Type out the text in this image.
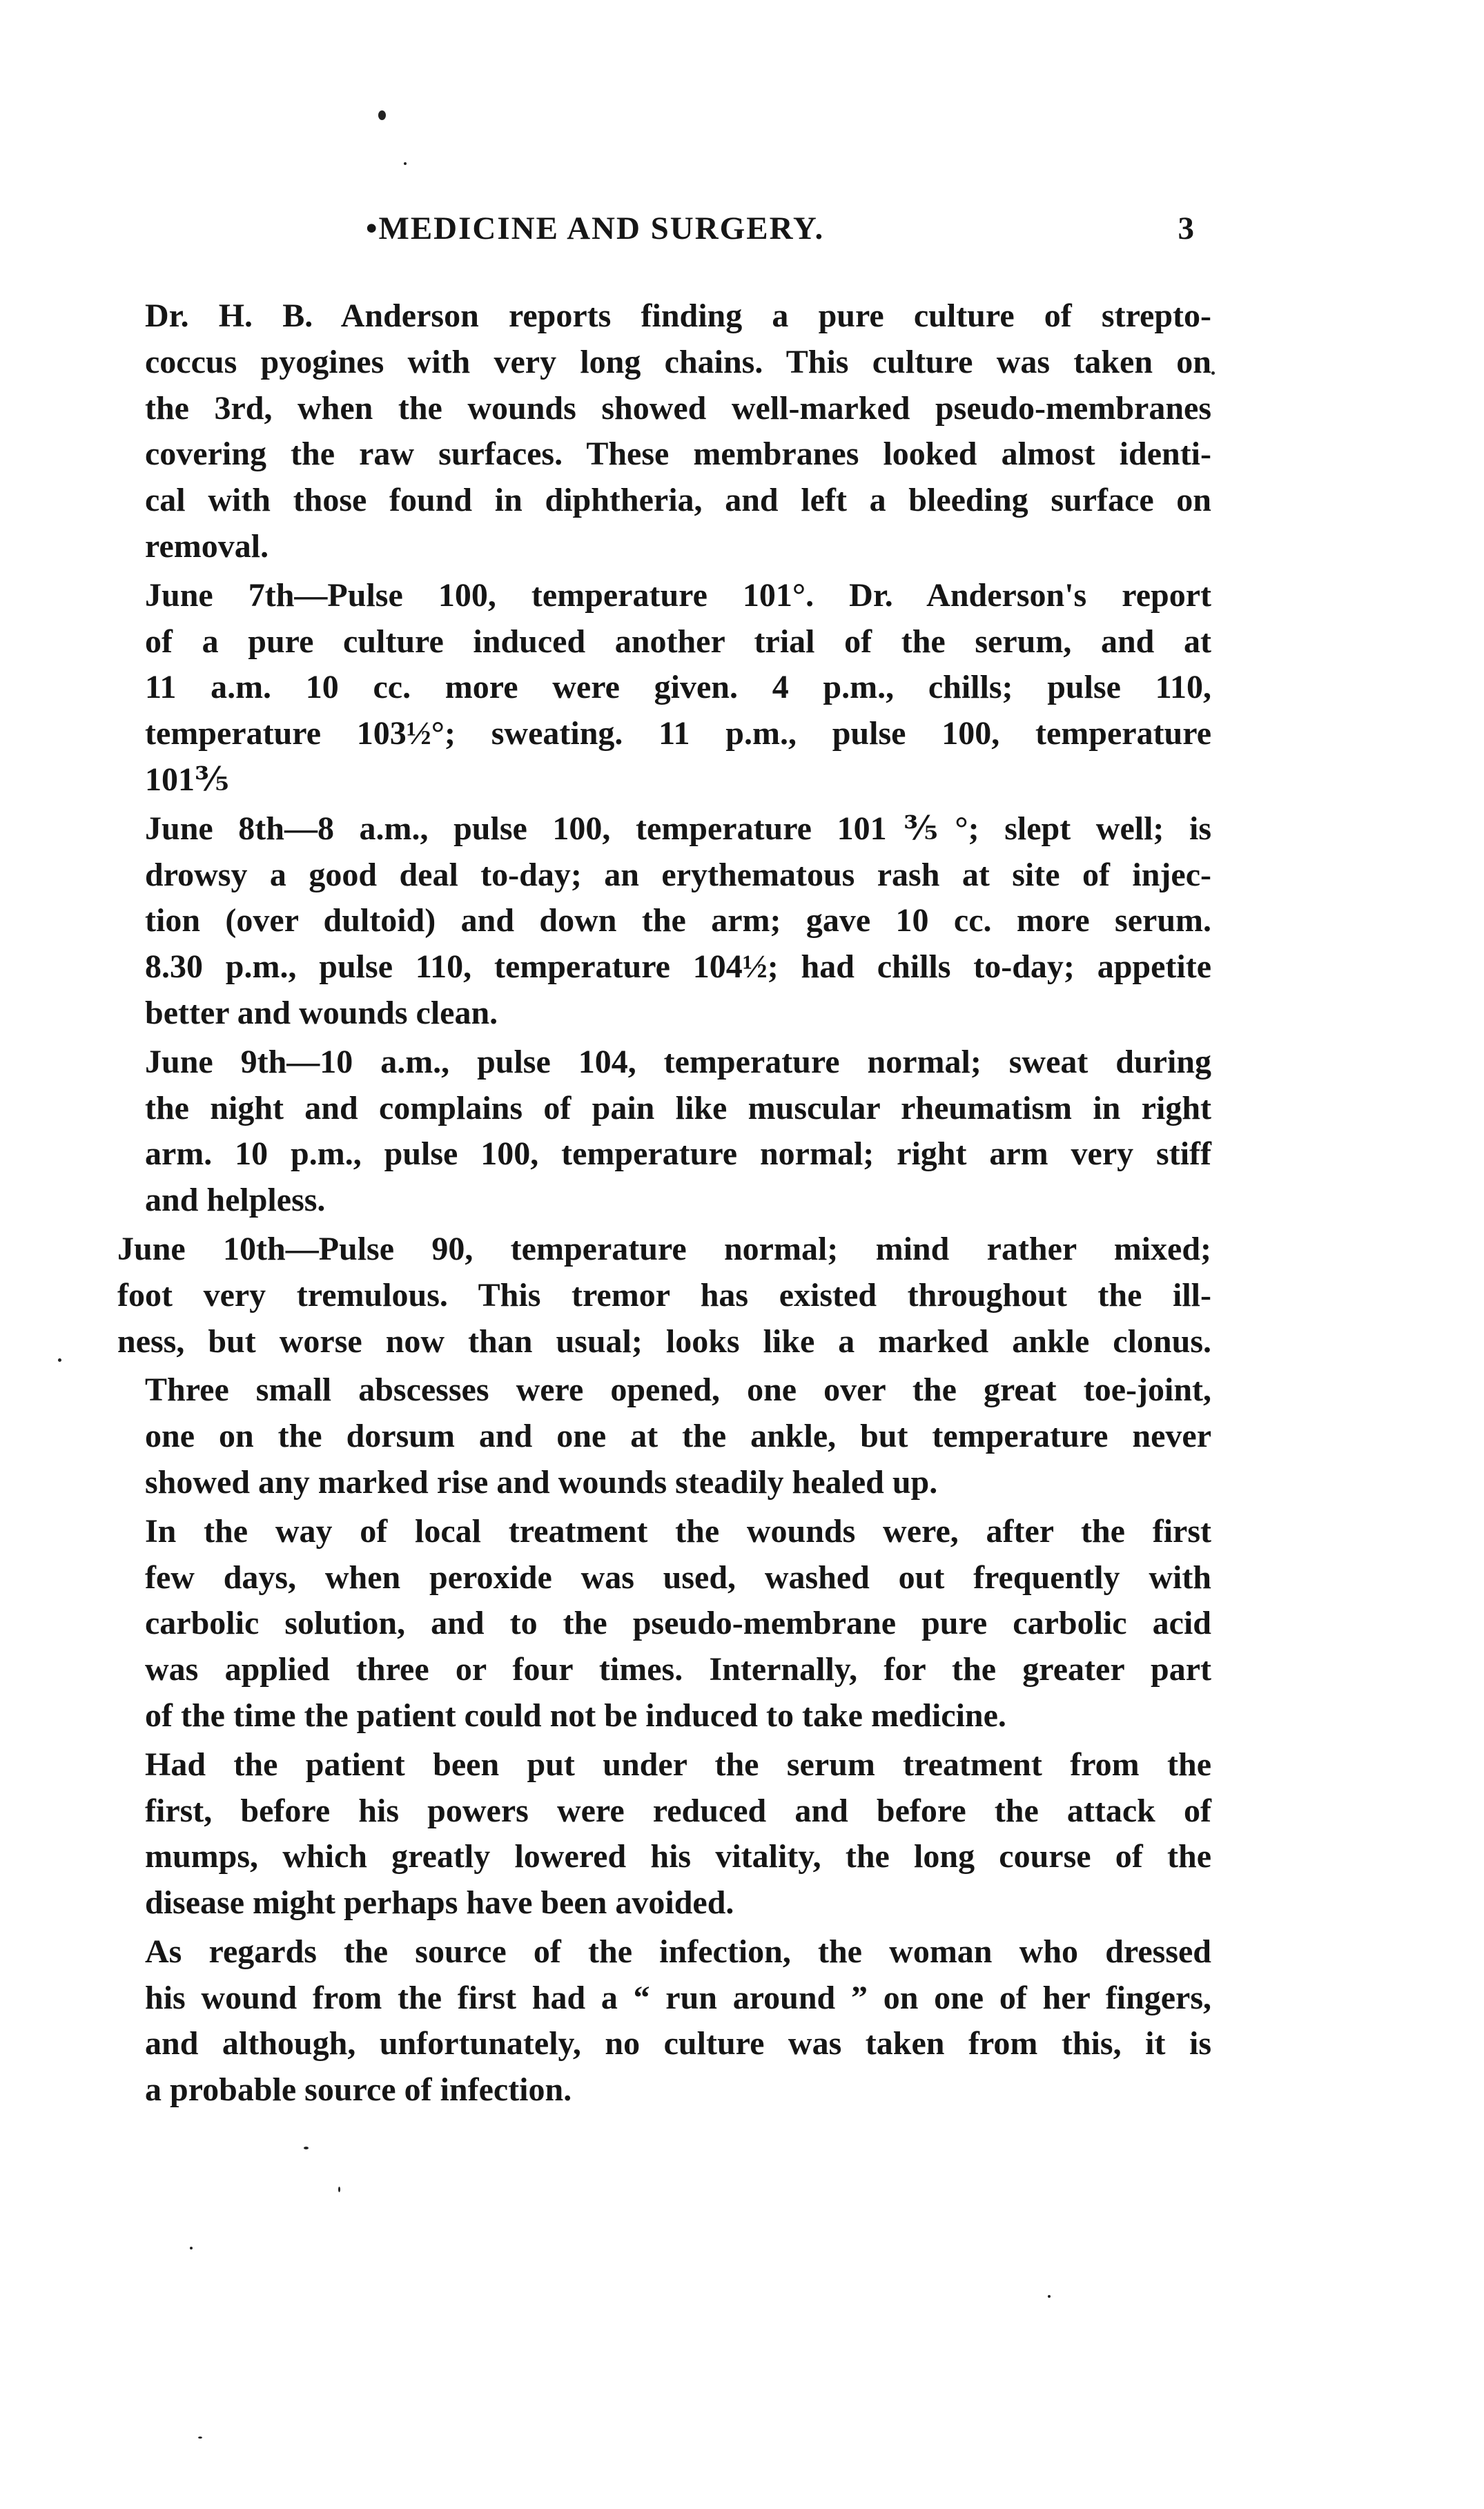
•MEDICINE AND SURGERY.	3

Dr. H. B. Anderson reports finding a pure culture of strepto-
coccus pyogines with very long chains. This culture was taken on
the 3rd, when the wounds showed well-marked pseudo-membranes
covering the raw surfaces. These membranes looked almost identi-
cal with those found in diphtheria, and left a bleeding surface on
removal.

June 7th—Pulse 100, temperature 101°. Dr. Anderson's report
of a pure culture induced another trial of the serum, and at
11 a.m. 10 cc. more were given. 4 p.m., chills; pulse 110,
temperature 103½°; sweating. 11 p.m., pulse 100, temperature
101⅗

June 8th—8 a.m., pulse 100, temperature 101⅗°; slept well; is
drowsy a good deal to-day; an erythematous rash at site of injec-
tion (over dultoid) and down the arm; gave 10 cc. more serum.
8.30 p.m., pulse 110, temperature 104½; had chills to-day; appetite
better and wounds clean.

June 9th—10 a.m., pulse 104, temperature normal; sweat during
the night and complains of pain like muscular rheumatism in right
arm. 10 p.m., pulse 100, temperature normal; right arm very stiff
and helpless.

June 10th—Pulse 90, temperature normal; mind rather mixed;
foot very tremulous. This tremor has existed throughout the ill-
ness, but worse now than usual; looks like a marked ankle clonus.

Three small abscesses were opened, one over the great toe-joint,
one on the dorsum and one at the ankle, but temperature never
showed any marked rise and wounds steadily healed up.

In the way of local treatment the wounds were, after the first
few days, when peroxide was used, washed out frequently with
carbolic solution, and to the pseudo-membrane pure carbolic acid
was applied three or four times. Internally, for the greater part
of the time the patient could not be induced to take medicine.

Had the patient been put under the serum treatment from the
first, before his powers were reduced and before the attack of
mumps, which greatly lowered his vitality, the long course of the
disease might perhaps have been avoided.

As regards the source of the infection, the woman who dressed
his wound from the first had a “ run around ” on one of her fingers,
and although, unfortunately, no culture was taken from this, it is
a probable source of infection.
